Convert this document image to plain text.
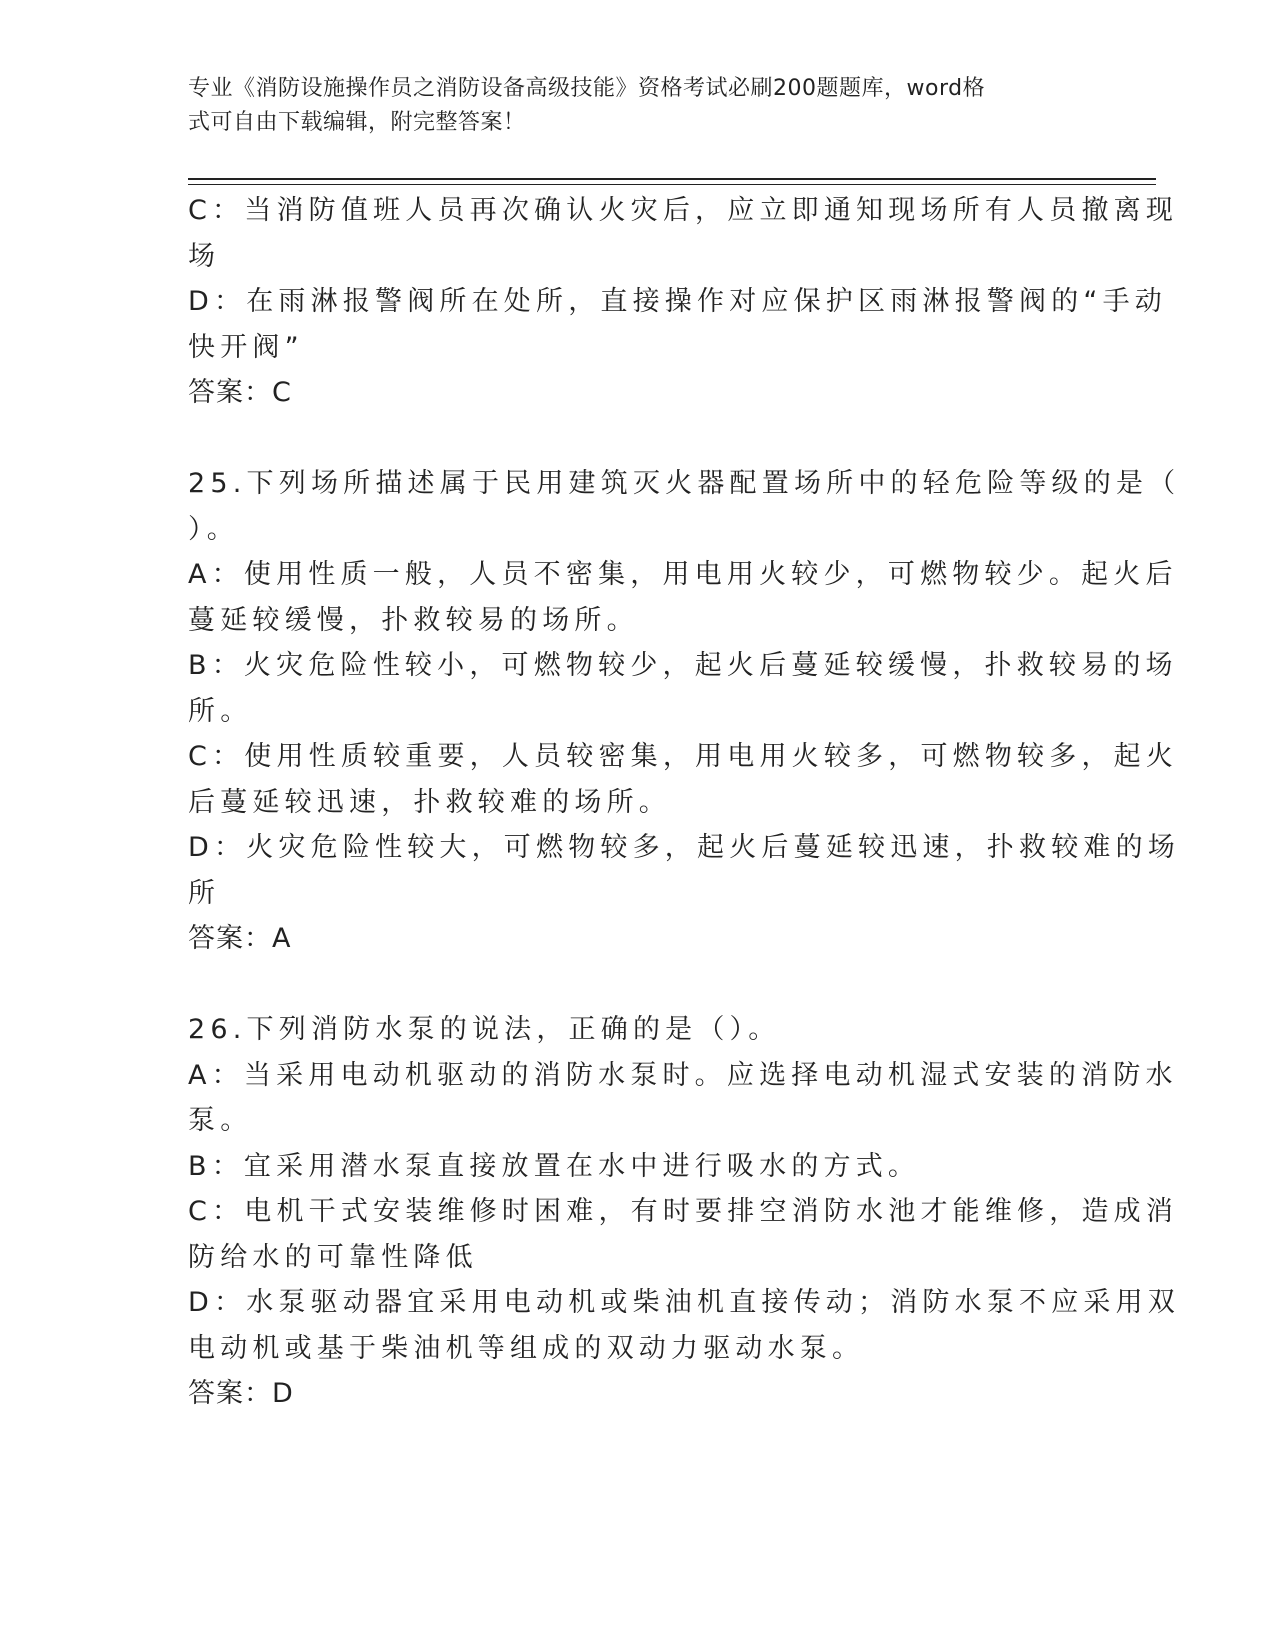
专业《消防设施操作员之消防设备高级技能》资格考试必刷200题题库，word格
式可自由下载编辑，附完整答案！
C：当消防值班人员再次确认火灾后，应立即通知现场所有人员撤离现
场
D：在雨淋报警阀所在处所，直接操作对应保护区雨淋报警阀的“手动
快开阀”
答案：C
25.下列场所描述属于民用建筑灭火器配置场所中的轻危险等级的是（
）。
A：使用性质一般，人员不密集，用电用火较少，可燃物较少。起火后
蔓延较缓慢，扑救较易的场所。
B：火灾危险性较小，可燃物较少，起火后蔓延较缓慢，扑救较易的场
所。
C：使用性质较重要，人员较密集，用电用火较多，可燃物较多，起火
后蔓延较迅速，扑救较难的场所。
D：火灾危险性较大，可燃物较多，起火后蔓延较迅速，扑救较难的场
所
答案：A
26.下列消防水泵的说法，正确的是（）。
A：当采用电动机驱动的消防水泵时。应选择电动机湿式安装的消防水
泵。
B：宜采用潜水泵直接放置在水中进行吸水的方式。
C：电机干式安装维修时困难，有时要排空消防水池才能维修，造成消
防给水的可靠性降低
D：水泵驱动器宜采用电动机或柴油机直接传动；消防水泵不应采用双
电动机或基于柴油机等组成的双动力驱动水泵。
答案：D
